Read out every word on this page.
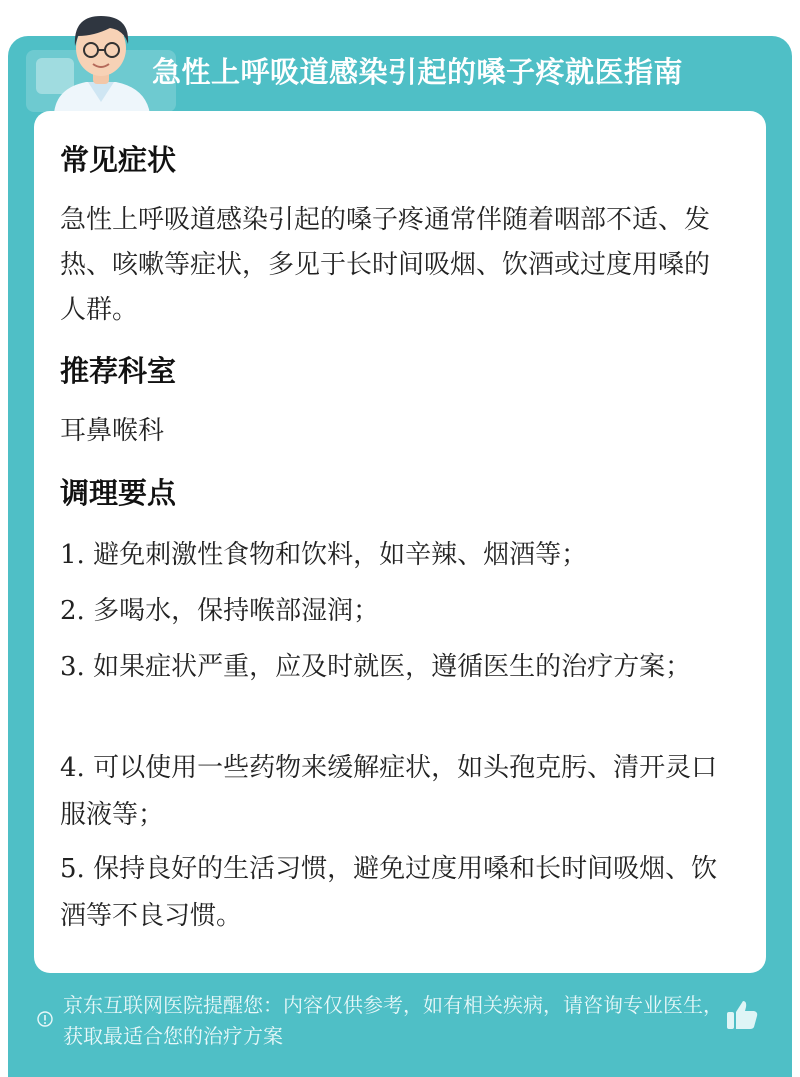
急性上呼吸道感染引起的嗓子疼就医指南
常见症状
急性上呼吸道感染引起的嗓子疼通常伴随着咽部不适、发热、咳嗽等症状，多见于长时间吸烟、饮酒或过度用嗓的人群。
推荐科室
耳鼻喉科
调理要点
1. 避免刺激性食物和饮料，如辛辣、烟酒等；
2. 多喝水，保持喉部湿润；
3. 如果症状严重，应及时就医，遵循医生的治疗方案；
4. 可以使用一些药物来缓解症状，如头孢克肟、清开灵口服液等；
5. 保持良好的生活习惯，避免过度用嗓和长时间吸烟、饮酒等不良习惯。
京东互联网医院提醒您：内容仅供参考，如有相关疾病，请咨询专业医生，获取最适合您的治疗方案
